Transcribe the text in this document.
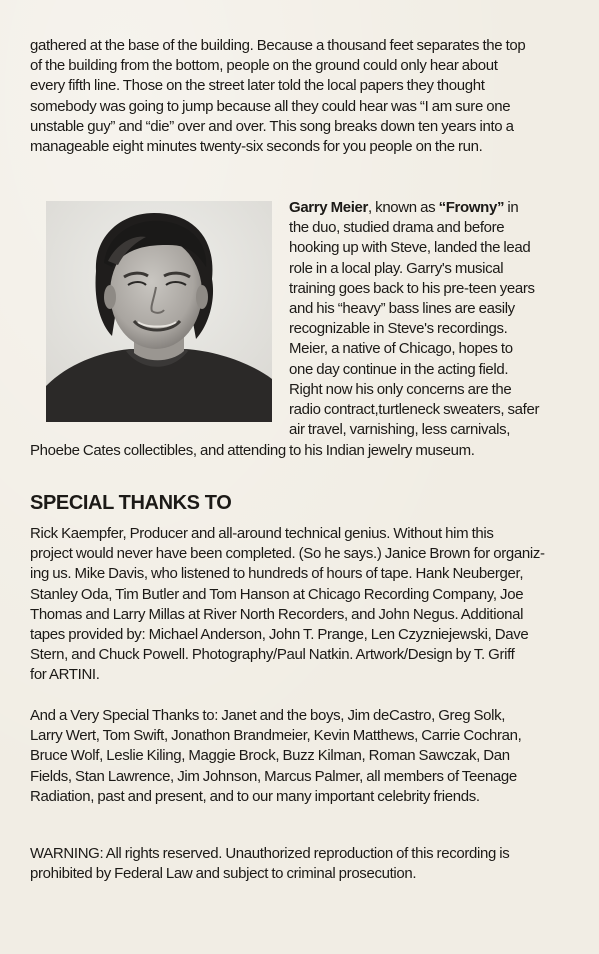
gathered at the base of the building. Because a thousand feet separates the top
of the building from the bottom, people on the ground could only hear about
every fifth line. Those on the street later told the local papers they thought
somebody was going to jump because all they could hear was “I am sure one
unstable guy” and “die” over and over. This song breaks down ten years into a
manageable eight minutes twenty-six seconds for you people on the run.
Garry Meier, known as “Frowny” in
the duo, studied drama and before
hooking up with Steve, landed the lead
role in a local play. Garry's musical
training goes back to his pre-teen years
and his “heavy” bass lines are easily
recognizable in Steve's recordings.
Meier, a native of Chicago, hopes to
one day continue in the acting field.
Right now his only concerns are the
radio contract,turtleneck sweaters, safer
air travel, varnishing, less carnivals,
Phoebe Cates collectibles, and attending to his Indian jewelry museum.
SPECIAL THANKS TO
Rick Kaempfer, Producer and all-around technical genius. Without him this
project would never have been completed. (So he says.) Janice Brown for organiz-
ing us. Mike Davis, who listened to hundreds of hours of tape. Hank Neuberger,
Stanley Oda, Tim Butler and Tom Hanson at Chicago Recording Company, Joe
Thomas and Larry Millas at River North Recorders, and John Negus. Additional
tapes provided by: Michael Anderson, John T. Prange, Len Czyzniejewski, Dave
Stern, and Chuck Powell. Photography/Paul Natkin. Artwork/Design by T. Griff
for ARTINI.
And a Very Special Thanks to: Janet and the boys, Jim deCastro, Greg Solk,
Larry Wert, Tom Swift, Jonathon Brandmeier, Kevin Matthews, Carrie Cochran,
Bruce Wolf, Leslie Kiling, Maggie Brock, Buzz Kilman, Roman Sawczak, Dan
Fields, Stan Lawrence, Jim Johnson, Marcus Palmer, all members of Teenage
Radiation, past and present, and to our many important celebrity friends.
WARNING: All rights reserved. Unauthorized reproduction of this recording is
prohibited by Federal Law and subject to criminal prosecution.
